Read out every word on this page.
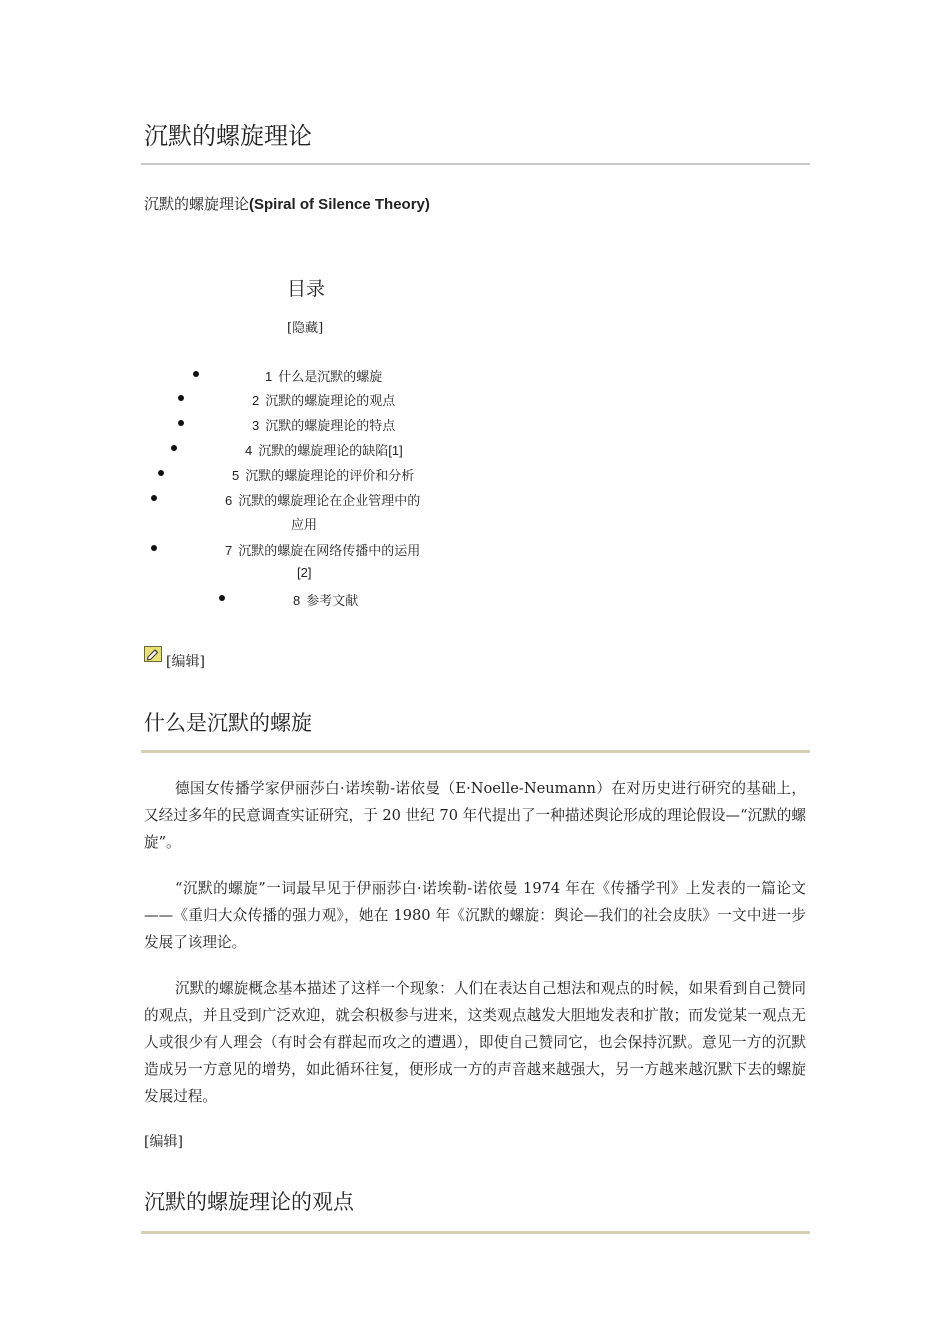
沉默的螺旋理论
沉默的螺旋理论(Spiral of Silence Theory)
目录
[隐藏]
1 什么是沉默的螺旋
2 沉默的螺旋理论的观点
3 沉默的螺旋理论的特点
4 沉默的螺旋理论的缺陷[1]
5 沉默的螺旋理论的评价和分析
6 沉默的螺旋理论在企业管理中的
应用
7 沉默的螺旋在网络传播中的运用
[2]
8 参考文献
[编辑]
什么是沉默的螺旋

德国女传播学家伊丽莎白·诺埃勒-诺依曼（E·Noelle-Neumann）在对历史进行研究的基础上，又经过多年的民意调查实证研究，于 20 世纪 70 年代提出了一种描述舆论形成的理论假设—“沉默的螺旋”。

“沉默的螺旋”一词最早见于伊丽莎白·诺埃勒-诺依曼 1974 年在《传播学刊》上发表的一篇论文——《重归大众传播的强力观》，她在 1980 年《沉默的螺旋：舆论—我们的社会皮肤》一文中进一步发展了该理论。

沉默的螺旋概念基本描述了这样一个现象：人们在表达自己想法和观点的时候，如果看到自己赞同的观点，并且受到广泛欢迎，就会积极参与进来，这类观点越发大胆地发表和扩散；而发觉某一观点无人或很少有人理会（有时会有群起而攻之的遭遇），即使自己赞同它，也会保持沉默。意见一方的沉默造成另一方意见的增势，如此循环往复，便形成一方的声音越来越强大，另一方越来越沉默下去的螺旋发展过程。

[编辑]
沉默的螺旋理论的观点
